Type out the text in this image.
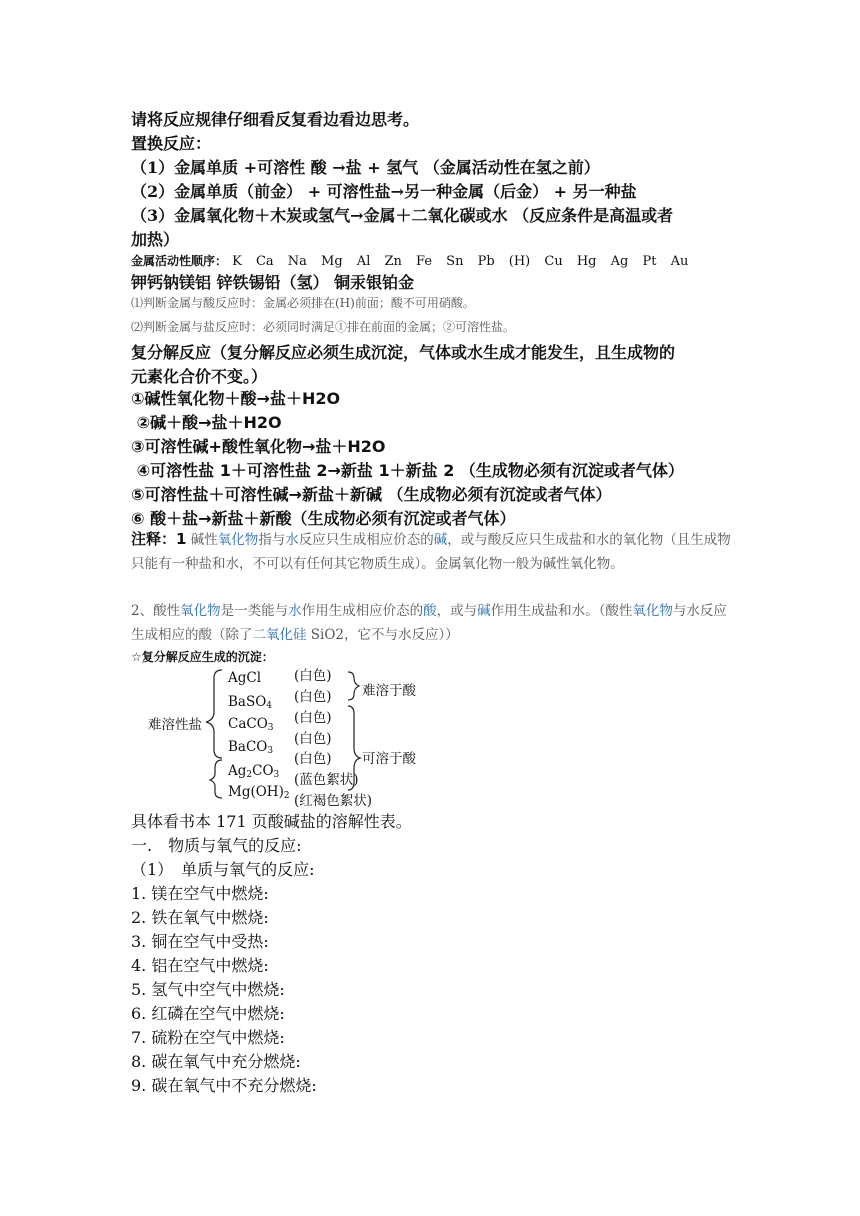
请将反应规律仔细看反复看边看边思考。
置换反应：
（1）金属单质 +可溶性 酸 →盐 + 氢气 （金属活动性在氢之前）
（2）金属单质（前金） + 可溶性盐→另一种金属（后金） + 另一种盐
（3）金属氧化物＋木炭或氢气→金属＋二氧化碳或水 （反应条件是高温或者
加热）
金属活动性顺序： K Ca Na Mg Al Zn Fe Sn Pb (H) Cu Hg Ag Pt Au
钾钙钠镁铝 锌铁锡铅（氢） 铜汞银铂金
⑴判断金属与酸反应时：金属必须排在(H)前面；酸不可用硝酸。
⑵判断金属与盐反应时：必须同时满足①排在前面的金属；②可溶性盐。
复分解反应（复分解反应必须生成沉淀，气体或水生成才能发生，且生成物的
元素化合价不变。）
①碱性氧化物＋酸→盐＋H2O
②碱＋酸→盐＋H2O
③可溶性碱+酸性氧化物→盐＋H2O
④可溶性盐 1＋可溶性盐 2→新盐 1＋新盐 2 （生成物必须有沉淀或者气体）
⑤可溶性盐＋可溶性碱→新盐＋新碱 （生成物必须有沉淀或者气体）
⑥ 酸＋盐→新盐＋新酸（生成物必须有沉淀或者气体）
注释：1 碱性氧化物指与水反应只生成相应价态的碱，或与酸反应只生成盐和水的氧化物（且生成物只能有一种盐和水，不可以有任何其它物质生成）。金属氧化物一般为碱性氧化物。
2、酸性氧化物是一类能与水作用生成相应价态的酸，或与碱作用生成盐和水。（酸性氧化物与水反应生成相应的酸（除了二氧化硅 SiO2，它不与水反应））
☆复分解反应生成的沉淀：
难溶性盐
AgCl
BaSO$_4$
CaCO$_3$
BaCO$_3$
$Ag_2CO_3$
$Mg(OH)_2$
(白色)
(白色)
(白色)
(白色)
(白色)
(蓝色絮状)
(红褐色絮状)
难溶于酸
可溶于酸
具体看书本 171 页酸碱盐的溶解性表。
一.　物质与氧气的反应:
（1）　单质与氧气的反应:
1. 镁在空气中燃烧:
2. 铁在氧气中燃烧:
3. 铜在空气中受热:
4. 铝在空气中燃烧:
5. 氢气中空气中燃烧:
6. 红磷在空气中燃烧:
7. 硫粉在空气中燃烧:
8. 碳在氧气中充分燃烧:
9. 碳在氧气中不充分燃烧:
